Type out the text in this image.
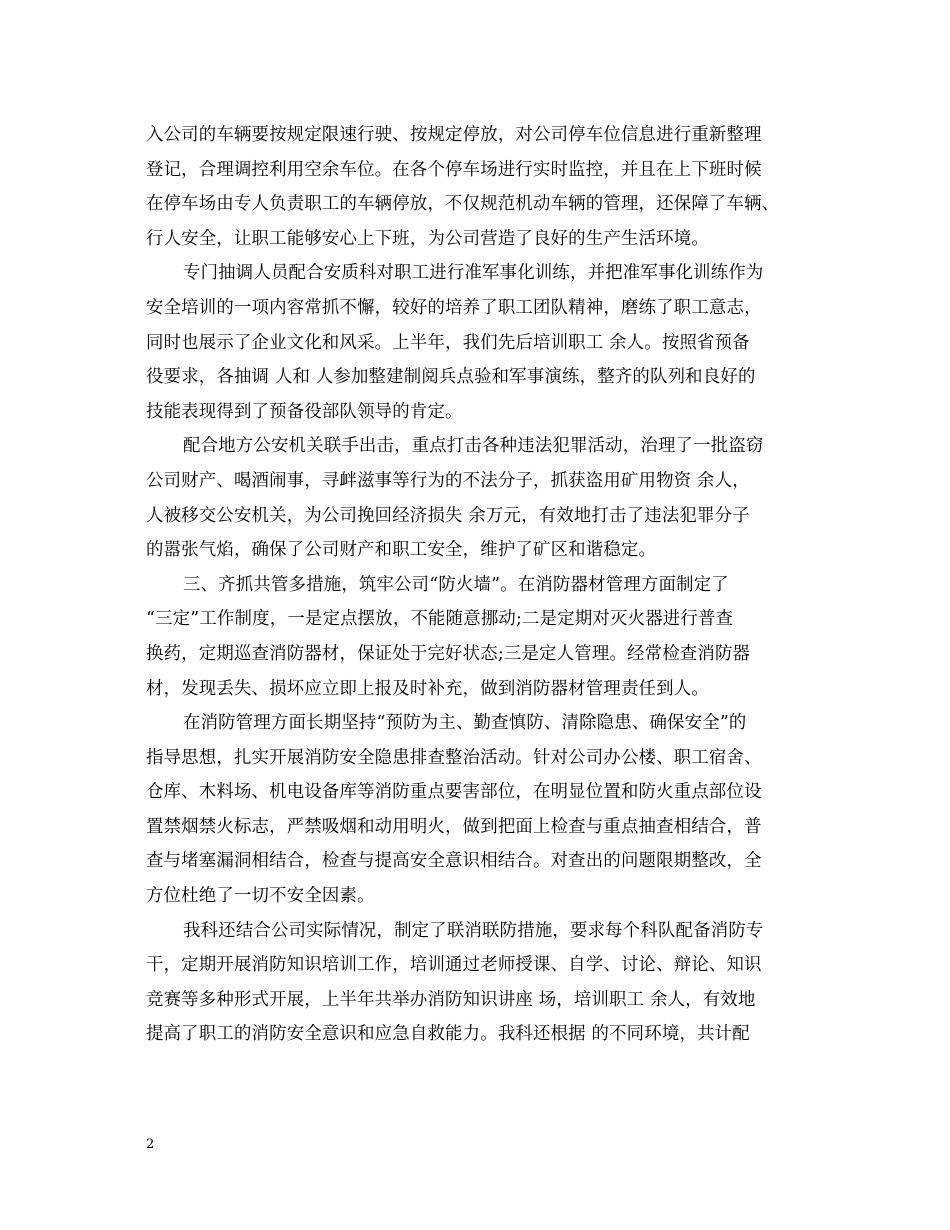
入公司的车辆要按规定限速行驶、按规定停放，对公司停车位信息进行重新整理
登记，合理调控利用空余车位。在各个停车场进行实时监控，并且在上下班时候
在停车场由专人负责职工的车辆停放，不仅规范机动车辆的管理，还保障了车辆、
行人安全，让职工能够安心上下班，为公司营造了良好的生产生活环境。
专门抽调人员配合安质科对职工进行准军事化训练，并把准军事化训练作为
安全培训的一项内容常抓不懈，较好的培养了职工团队精神，磨练了职工意志，
同时也展示了企业文化和风采。上半年，我们先后培训职工 余人。按照省预备
役要求，各抽调 人和 人参加整建制阅兵点验和军事演练，整齐的队列和良好的
技能表现得到了预备役部队领导的肯定。
配合地方公安机关联手出击，重点打击各种违法犯罪活动，治理了一批盗窃
公司财产、喝酒闹事，寻衅滋事等行为的不法分子，抓获盗用矿用物资 余人，
人被移交公安机关，为公司挽回经济损失 余万元，有效地打击了违法犯罪分子
的嚣张气焰，确保了公司财产和职工安全，维护了矿区和谐稳定。
三、齐抓共管多措施，筑牢公司“防火墙”。在消防器材管理方面制定了
“三定”工作制度，一是定点摆放，不能随意挪动;二是定期对灭火器进行普查
换药，定期巡查消防器材，保证处于完好状态;三是定人管理。经常检查消防器
材，发现丢失、损坏应立即上报及时补充，做到消防器材管理责任到人。
在消防管理方面长期坚持“预防为主、勤查慎防、清除隐患、确保安全”的
指导思想，扎实开展消防安全隐患排查整治活动。针对公司办公楼、职工宿舍、
仓库、木料场、机电设备库等消防重点要害部位，在明显位置和防火重点部位设
置禁烟禁火标志，严禁吸烟和动用明火，做到把面上检查与重点抽查相结合，普
查与堵塞漏洞相结合，检查与提高安全意识相结合。对查出的问题限期整改，全
方位杜绝了一切不安全因素。
我科还结合公司实际情况，制定了联消联防措施，要求每个科队配备消防专
干，定期开展消防知识培训工作，培训通过老师授课、自学、讨论、辩论、知识
竞赛等多种形式开展，上半年共举办消防知识讲座 场，培训职工 余人，有效地
提高了职工的消防安全意识和应急自救能力。我科还根据 的不同环境，共计配
2
